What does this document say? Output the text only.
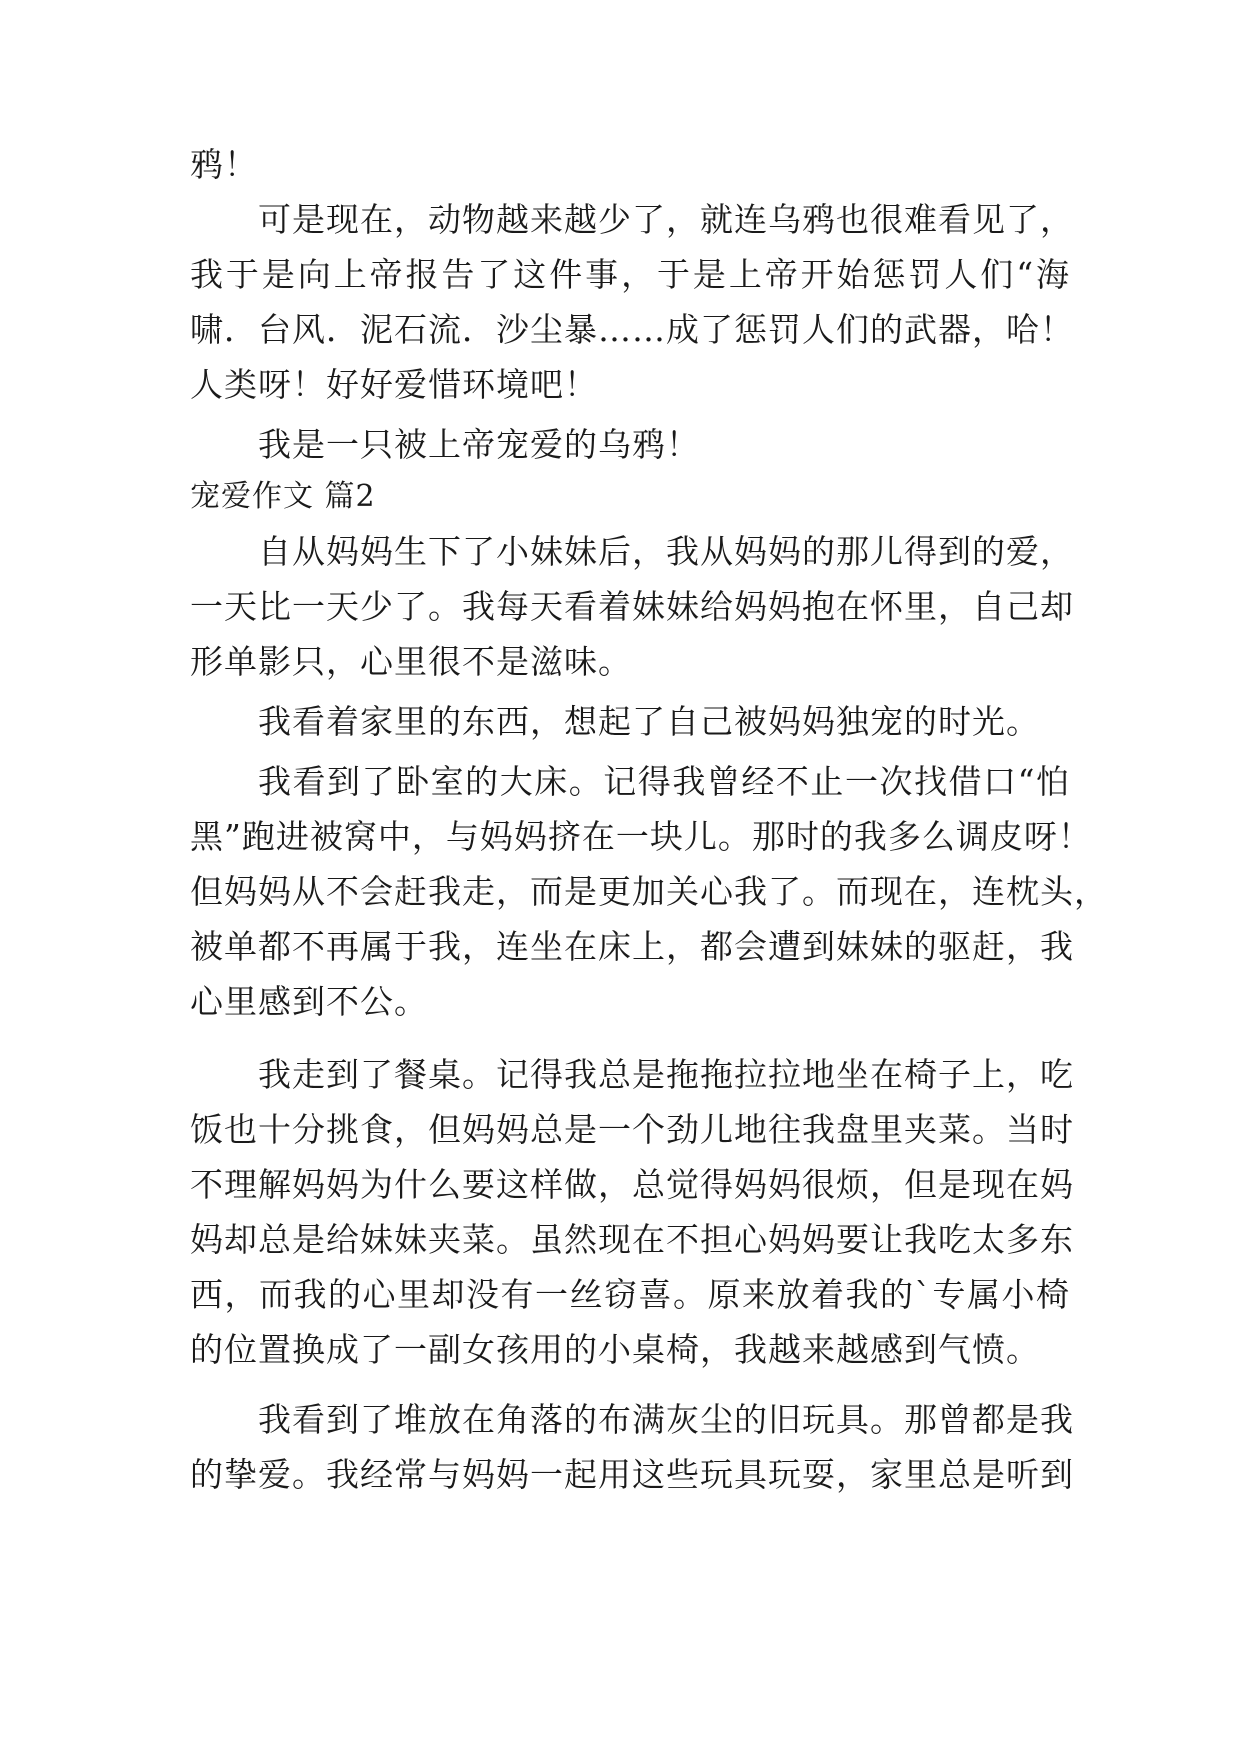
鸦！
可是现在，动物越来越少了，就连乌鸦也很难看见了，
我于是向上帝报告了这件事，于是上帝开始惩罚人们“海
啸．台风．泥石流．沙尘暴……成了惩罚人们的武器，哈！
人类呀！好好爱惜环境吧！
我是一只被上帝宠爱的乌鸦！
宠爱作文 篇2
自从妈妈生下了小妹妹后，我从妈妈的那儿得到的爱，
一天比一天少了。我每天看着妹妹给妈妈抱在怀里，自己却
形单影只，心里很不是滋味。
我看着家里的东西，想起了自己被妈妈独宠的时光。
我看到了卧室的大床。记得我曾经不止一次找借口“怕
黑”跑进被窝中，与妈妈挤在一块儿。那时的我多么调皮呀！
但妈妈从不会赶我走，而是更加关心我了。而现在，连枕头，
被单都不再属于我，连坐在床上，都会遭到妹妹的驱赶，我
心里感到不公。
我走到了餐桌。记得我总是拖拖拉拉地坐在椅子上，吃
饭也十分挑食，但妈妈总是一个劲儿地往我盘里夹菜。当时
不理解妈妈为什么要这样做，总觉得妈妈很烦，但是现在妈
妈却总是给妹妹夹菜。虽然现在不担心妈妈要让我吃太多东
西，而我的心里却没有一丝窃喜。原来放着我的`专属小椅
的位置换成了一副女孩用的小桌椅，我越来越感到气愤。
我看到了堆放在角落的布满灰尘的旧玩具。那曾都是我
的挚爱。我经常与妈妈一起用这些玩具玩耍，家里总是听到
